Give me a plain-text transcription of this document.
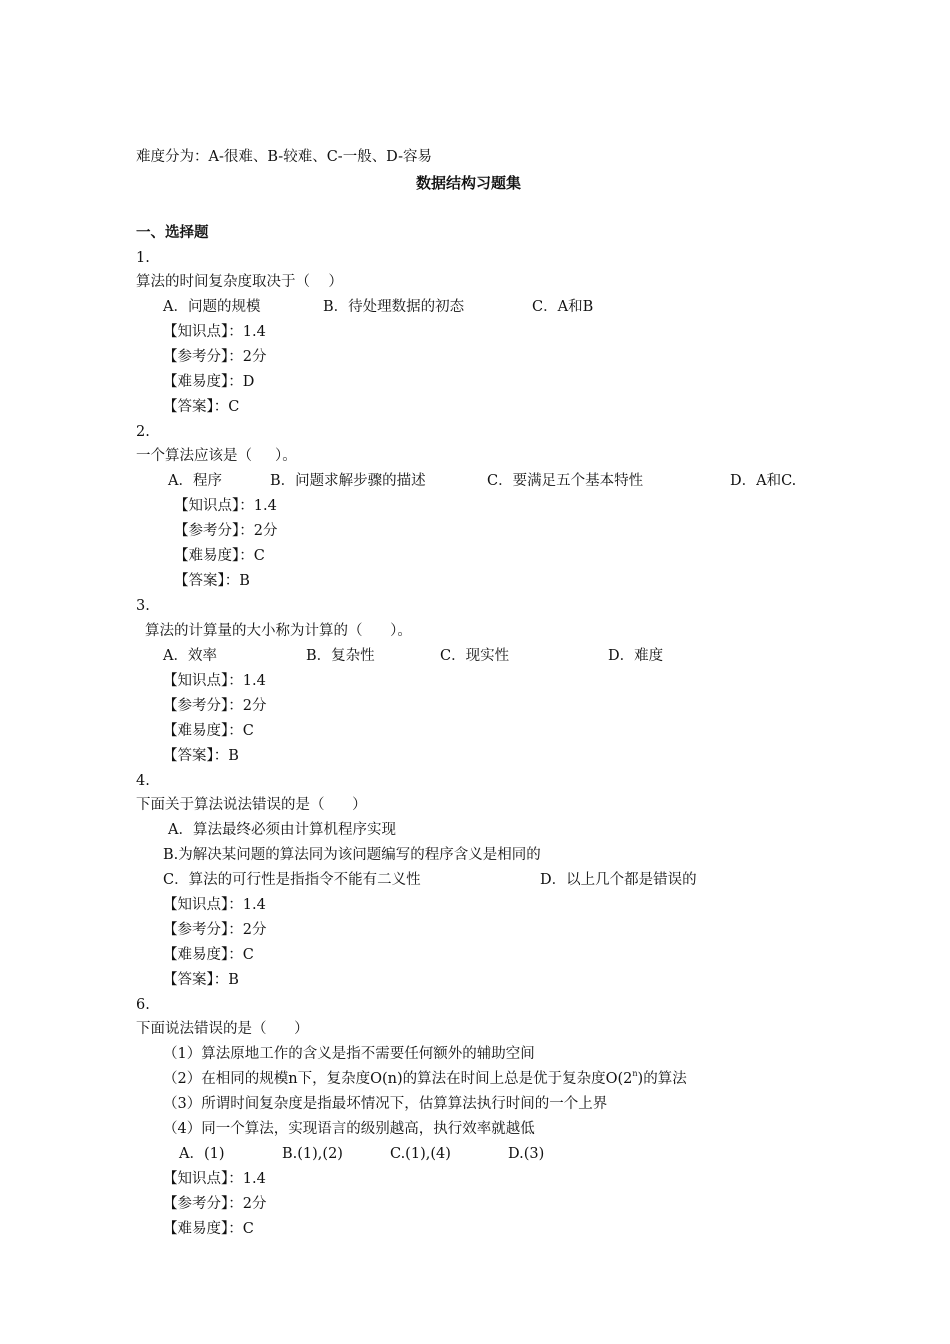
难度分为：A-很难、B-较难、C-一般、D-容易
数据结构习题集
一、选择题
1.
算法的时间复杂度取决于（    ）
A．问题的规模	B．待处理数据的初态	C．A和B
【知识点】：1.4
【参考分】：2分
【难易度】：D
【答案】：C
2.
一个算法应该是（     ）。
A．程序	B．问题求解步骤的描述	C．要满足五个基本特性	D．A和C.
【知识点】：1.4
【参考分】：2分
【难易度】：C
【答案】：B
3.
算法的计算量的大小称为计算的（      ）。
A．效率	B．复杂性	C．现实性	D．难度
【知识点】：1.4
【参考分】：2分
【难易度】：C
【答案】：B
4.
下面关于算法说法错误的是（      ）
A．算法最终必须由计算机程序实现
B.为解决某问题的算法同为该问题编写的程序含义是相同的
C．算法的可行性是指指令不能有二义性	D．以上几个都是错误的
【知识点】：1.4
【参考分】：2分
【难易度】：C
【答案】：B
6.
下面说法错误的是（      ）
（1）算法原地工作的含义是指不需要任何额外的辅助空间
（2）在相同的规模n下，复杂度O(n)的算法在时间上总是优于复杂度O(2$^n$)的算法
（3）所谓时间复杂度是指最坏情况下，估算算法执行时间的一个上界
（4）同一个算法，实现语言的级别越高，执行效率就越低
A．(1)	B.(1),(2)	C.(1),(4)	D.(3)
【知识点】：1.4
【参考分】：2分
【难易度】：C
